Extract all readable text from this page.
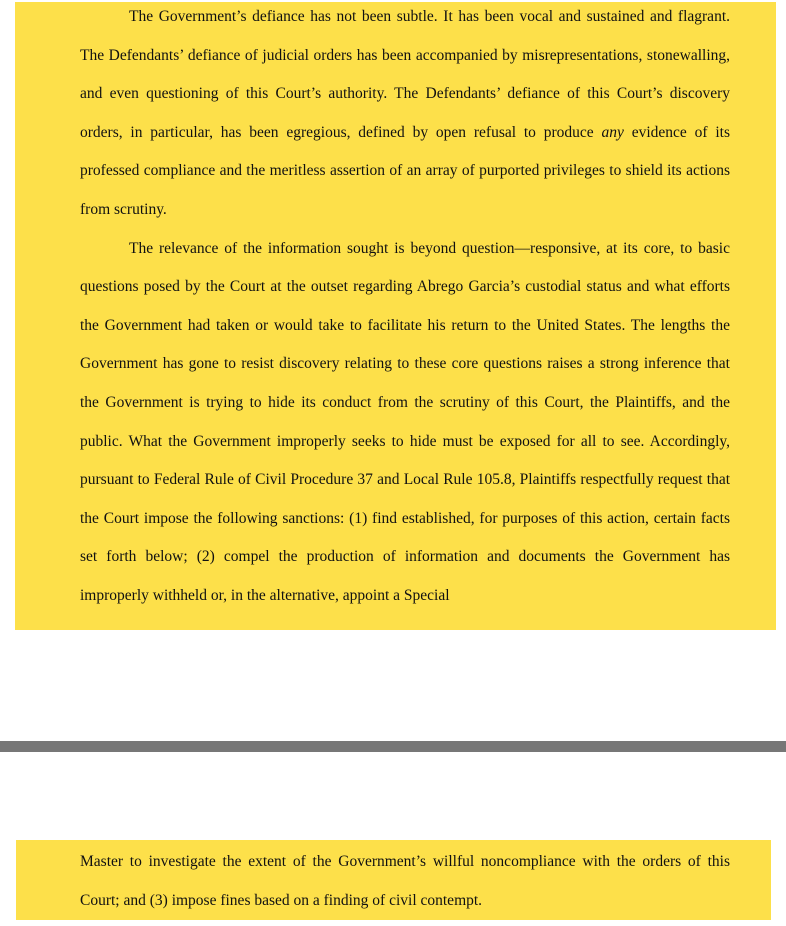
The Government’s defiance has not been subtle. It has been vocal and sustained and flagrant. The Defendants’ defiance of judicial orders has been accompanied by misrepresentations, stonewalling, and even questioning of this Court’s authority. The Defendants’ defiance of this Court’s discovery orders, in particular, has been egregious, defined by open refusal to produce any evidence of its professed compliance and the meritless assertion of an array of purported privileges to shield its actions from scrutiny.

The relevance of the information sought is beyond question—responsive, at its core, to basic questions posed by the Court at the outset regarding Abrego Garcia’s custodial status and what efforts the Government had taken or would take to facilitate his return to the United States. The lengths the Government has gone to resist discovery relating to these core questions raises a strong inference that the Government is trying to hide its conduct from the scrutiny of this Court, the Plaintiffs, and the public. What the Government improperly seeks to hide must be exposed for all to see. Accordingly, pursuant to Federal Rule of Civil Procedure 37 and Local Rule 105.8, Plaintiffs respectfully request that the Court impose the following sanctions: (1) find established, for purposes of this action, certain facts set forth below; (2) compel the production of information and documents the Government has improperly withheld or, in the alternative, appoint a Special

Master to investigate the extent of the Government’s willful noncompliance with the orders of this Court; and (3) impose fines based on a finding of civil contempt.
